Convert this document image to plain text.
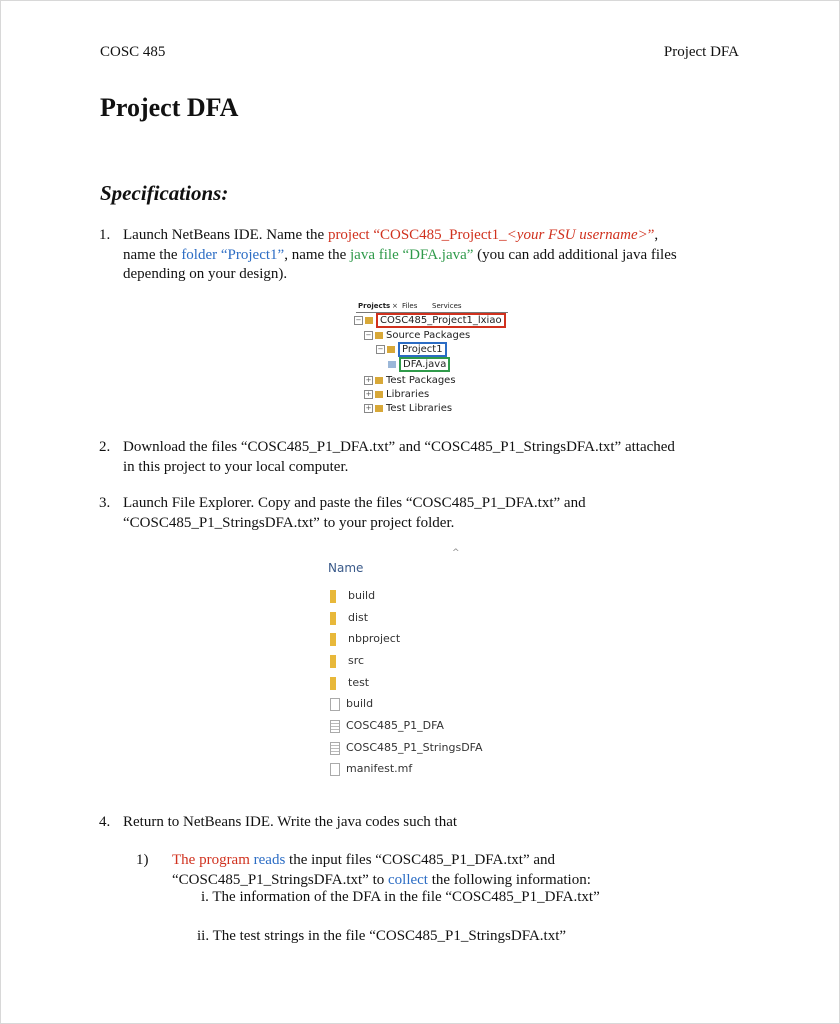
COSC 485	Project DFA
Project DFA
Specifications:
1. Launch NetBeans IDE. Name the project “COSC485_Project1_<your FSU username>”,
name the folder “Project1”, name the java file “DFA.java” (you can add additional java files
depending on your design).
Projects × Files Services
− COSC485_Project1_lxiao
− Source Packages
− Project1
DFA.java
+ Test Packages
+ Libraries
+ Test Libraries
2. Download the files “COSC485_P1_DFA.txt” and “COSC485_P1_StringsDFA.txt” attached
in this project to your local computer.
3. Launch File Explorer. Copy and paste the files “COSC485_P1_DFA.txt” and
“COSC485_P1_StringsDFA.txt” to your project folder.
^
Name
build
dist
nbproject
src
test
build
COSC485_P1_DFA
COSC485_P1_StringsDFA
manifest.mf
4. Return to NetBeans IDE. Write the java codes such that
1) The program reads the input files “COSC485_P1_DFA.txt” and
“COSC485_P1_StringsDFA.txt” to collect the following information:
i. The information of the DFA in the file “COSC485_P1_DFA.txt”
ii. The test strings in the file “COSC485_P1_StringsDFA.txt”
